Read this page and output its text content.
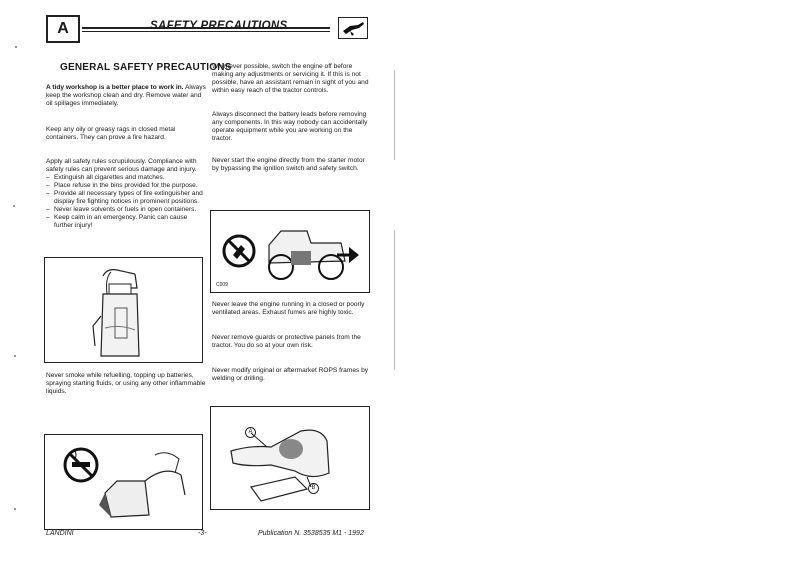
A	SAFETY PRECAUTIONS
GENERAL SAFETY PRECAUTIONS
A tidy workshop is a better place to work in. Always keep the workshop clean and dry. Remove water and oil spillages immediately.
Keep any oily or greasy rags in closed metal containers. They can prove a fire hazard.
Apply all safety rules scrupulously. Compliance with safety rules can prevent serious damage and injury.
– Extinguish all cigarettes and matches.
– Place refuse in the bins provided for the purpose.
– Provide all necessary types of fire extinguisher and display fire fighting notices in prominent positions.
– Never leave solvents or fuels in open containers.
– Keep calm in an emergency. Panic can cause further injury!
Never smoke while refuelling, topping up batteries, spraying starting fluids, or using any other inflammable liquids.
Whenever possible, switch the engine off before making any adjustments or servicing it. If this is not possible, have an assistant remain in sight of you and within easy reach of the tractor controls.
Always disconnect the battery leads before removing any components. In this way nobody can accidentally operate equipment while you are working on the tractor.
Never start the engine directly from the starter motor by bypassing the ignition switch and safety switch.
C009
Never leave the engine running in a closed or poorly ventilated areas. Exhaust fumes are highly toxic.
Never remove guards or protective panels from the tractor. You do so at your own risk.
Never modify original or aftermarket ROPS frames by welding or drilling.
A
B
LANDINI	-3-	Publication N. 3538535 M1 - 1992
